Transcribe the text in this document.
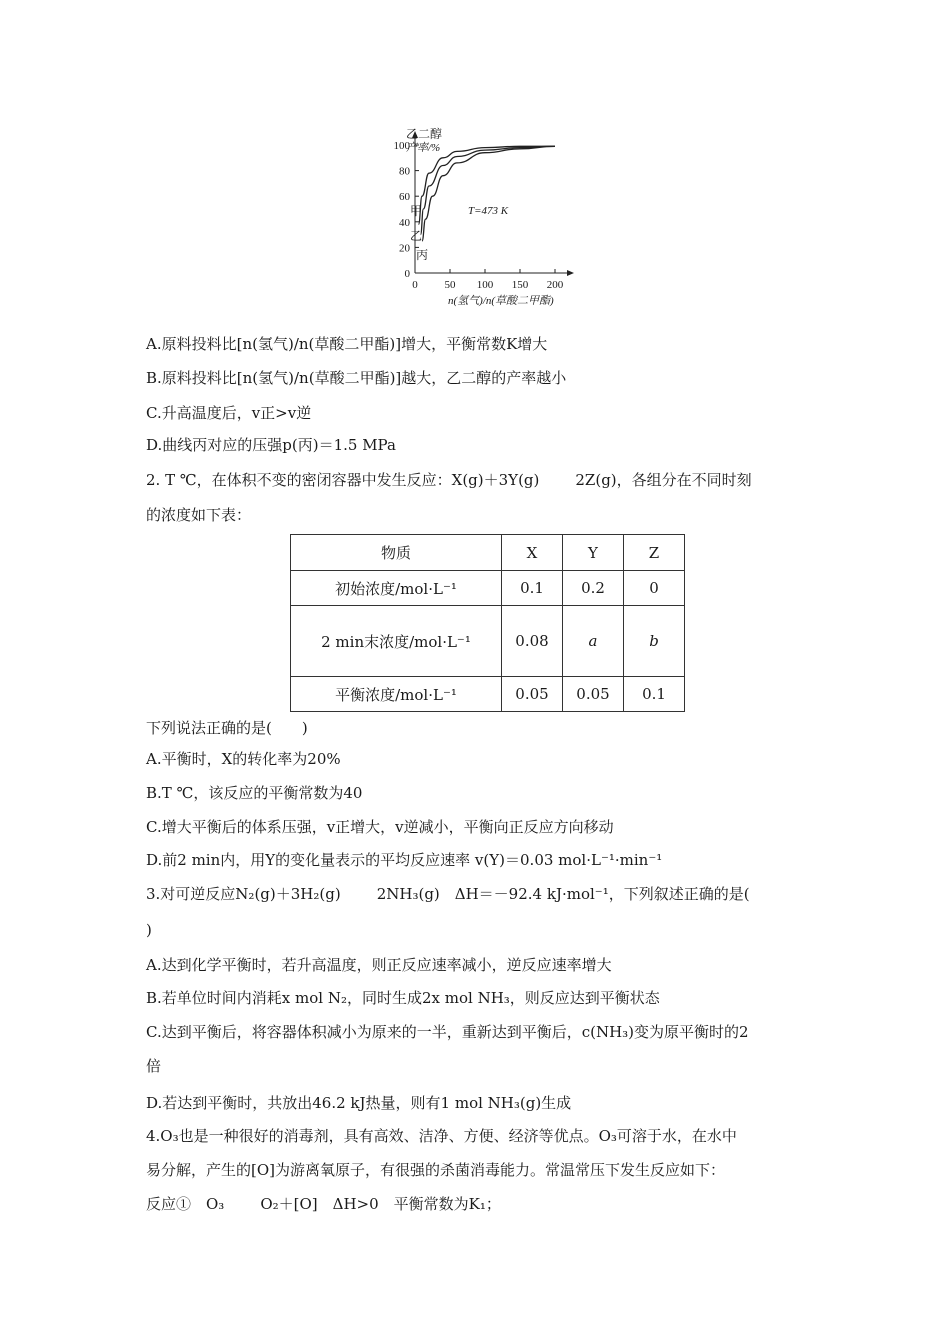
100
80
60
40
20
0
0 50 100 150 200
乙二醇
产率/%
T=473 K
甲
乙
丙
n(氢气)/n(草酸二甲酯)
A.原料投料比[n(氢气)/n(草酸二甲酯)]增大，平衡常数K增大
B.原料投料比[n(氢气)/n(草酸二甲酯)]越大，乙二醇的产率越小
C.升高温度后，v正>v逆
D.曲线丙对应的压强p(丙)＝1.5 MPa
2. T ℃，在体积不变的密闭容器中发生反应：X(g)＋3Y(g) 2Z(g)，各组分在不同时刻
的浓度如下表：
物质	X	Y	Z
初始浓度/mol·L⁻¹	0.1	0.2	0
2 min末浓度/mol·L⁻¹	0.08	a	b
平衡浓度/mol·L⁻¹	0.05	0.05	0.1
下列说法正确的是(　　)
A.平衡时，X的转化率为20%
B.T ℃，该反应的平衡常数为40
C.增大平衡后的体系压强，v正增大，v逆减小，平衡向正反应方向移动
D.前2 min内，用Y的变化量表示的平均反应速率 v(Y)＝0.03 mol·L⁻¹·min⁻¹
3.对可逆反应N₂(g)＋3H₂(g) 2NH₃(g)　ΔH＝－92.4 kJ·mol⁻¹，下列叙述正确的是(
)
A.达到化学平衡时，若升高温度，则正反应速率减小，逆反应速率增大
B.若单位时间内消耗x mol N₂，同时生成2x mol NH₃，则反应达到平衡状态
C.达到平衡后，将容器体积减小为原来的一半，重新达到平衡后，c(NH₃)变为原平衡时的2
倍
D.若达到平衡时，共放出46.2 kJ热量，则有1 mol NH₃(g)生成
4.O₃也是一种很好的消毒剂，具有高效、洁净、方便、经济等优点。O₃可溶于水，在水中
易分解，产生的[O]为游离氧原子，有很强的杀菌消毒能力。常温常压下发生反应如下：
反应①　O₃ O₂＋[O]　ΔH>0　平衡常数为K₁；
